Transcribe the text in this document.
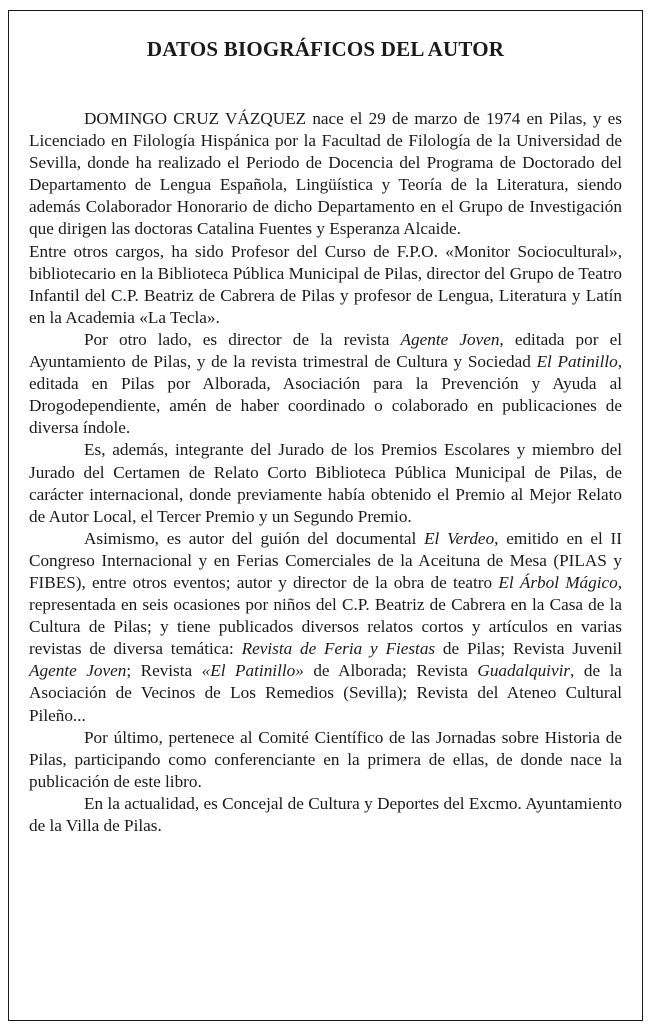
DATOS BIOGRÁFICOS DEL AUTOR

DOMINGO CRUZ VÁZQUEZ nace el 29 de marzo de 1974 en Pilas, y es Licenciado en Filología Hispánica por la Facultad de Filología de la Universidad de Sevilla, donde ha realizado el Periodo de Docencia del Programa de Doctorado del Departamento de Lengua Española, Lingüística y Teoría de la Literatura, siendo además Colaborador Honorario de dicho Departamento en el Grupo de Investigación que dirigen las doctoras Catalina Fuentes y Esperanza Alcaide.

Entre otros cargos, ha sido Profesor del Curso de F.P.O. «Monitor Sociocultural», bibliotecario en la Biblioteca Pública Municipal de Pilas, director del Grupo de Teatro Infantil del C.P. Beatriz de Cabrera de Pilas y profesor de Lengua, Literatura y Latín en la Academia «La Tecla».

Por otro lado, es director de la revista Agente Joven, editada por el Ayuntamiento de Pilas, y de la revista trimestral de Cultura y Sociedad El Patinillo, editada en Pilas por Alborada, Asociación para la Prevención y Ayuda al Drogodependiente, amén de haber coordinado o colaborado en publicaciones de diversa índole.

Es, además, integrante del Jurado de los Premios Escolares y miembro del Jurado del Certamen de Relato Corto Biblioteca Pública Municipal de Pilas, de carácter internacional, donde previamente había obtenido el Premio al Mejor Relato de Autor Local, el Tercer Premio y un Segundo Premio.

Asimismo, es autor del guión del documental El Verdeo, emitido en el II Congreso Internacional y en Ferias Comerciales de la Aceituna de Mesa (PILAS y FIBES), entre otros eventos; autor y director de la obra de teatro El Árbol Mágico, representada en seis ocasiones por niños del C.P. Beatriz de Cabrera en la Casa de la Cultura de Pilas; y tiene publicados diversos relatos cortos y artículos en varias revistas de diversa temática: Revista de Feria y Fiestas de Pilas; Revista Juvenil Agente Joven; Revista «El Patinillo» de Alborada; Revista Guadalquivir, de la Asociación de Vecinos de Los Remedios (Sevilla); Revista del Ateneo Cultural Pileño...

Por último, pertenece al Comité Científico de las Jornadas sobre Historia de Pilas, participando como conferenciante en la primera de ellas, de donde nace la publicación de este libro.

En la actualidad, es Concejal de Cultura y Deportes del Excmo. Ayuntamiento de la Villa de Pilas.
